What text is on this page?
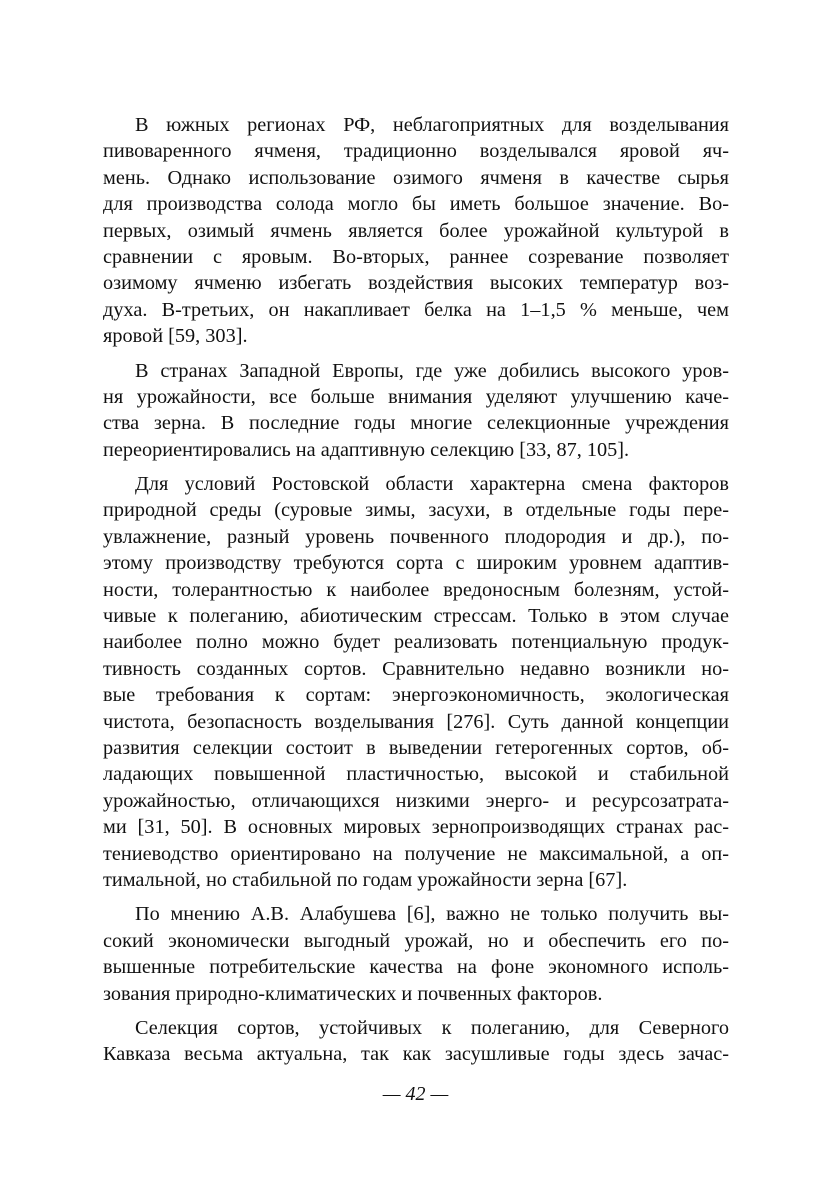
В южных регионах РФ, неблагоприятных для возделывания
пивоваренного ячменя, традиционно возделывался яровой яч-
мень. Однако использование озимого ячменя в качестве сырья
для производства солода могло бы иметь большое значение. Во-
первых, озимый ячмень является более урожайной культурой в
сравнении с яровым. Во-вторых, раннее созревание позволяет
озимому ячменю избегать воздействия высоких температур воз-
духа. В-третьих, он накапливает белка на 1–1,5 % меньше, чем
яровой [59, 303].
В странах Западной Европы, где уже добились высокого уров-
ня урожайности, все больше внимания уделяют улучшению каче-
ства зерна. В последние годы многие селекционные учреждения
переориентировались на адаптивную селекцию [33, 87, 105].
Для условий Ростовской области характерна смена факторов
природной среды (суровые зимы, засухи, в отдельные годы пере-
увлажнение, разный уровень почвенного плодородия и др.), по-
этому производству требуются сорта с широким уровнем адаптив-
ности, толерантностью к наиболее вредоносным болезням, устой-
чивые к полеганию, абиотическим стрессам. Только в этом случае
наиболее полно можно будет реализовать потенциальную продук-
тивность созданных сортов. Сравнительно недавно возникли но-
вые требования к сортам: энергоэкономичность, экологическая
чистота, безопасность возделывания [276]. Суть данной концепции
развития селекции состоит в выведении гетерогенных сортов, об-
ладающих повышенной пластичностью, высокой и стабильной
урожайностью, отличающихся низкими энерго- и ресурсозатрата-
ми [31, 50]. В основных мировых зернопроизводящих странах рас-
тениеводство ориентировано на получение не максимальной, а оп-
тимальной, но стабильной по годам урожайности зерна [67].
По мнению А.В. Алабушева [6], важно не только получить вы-
сокий экономически выгодный урожай, но и обеспечить его по-
вышенные потребительские качества на фоне экономного исполь-
зования природно-климатических и почвенных факторов.
Селекция сортов, устойчивых к полеганию, для Северного
Кавказа весьма актуальна, так как засушливые годы здесь зачас-
— 42 —
